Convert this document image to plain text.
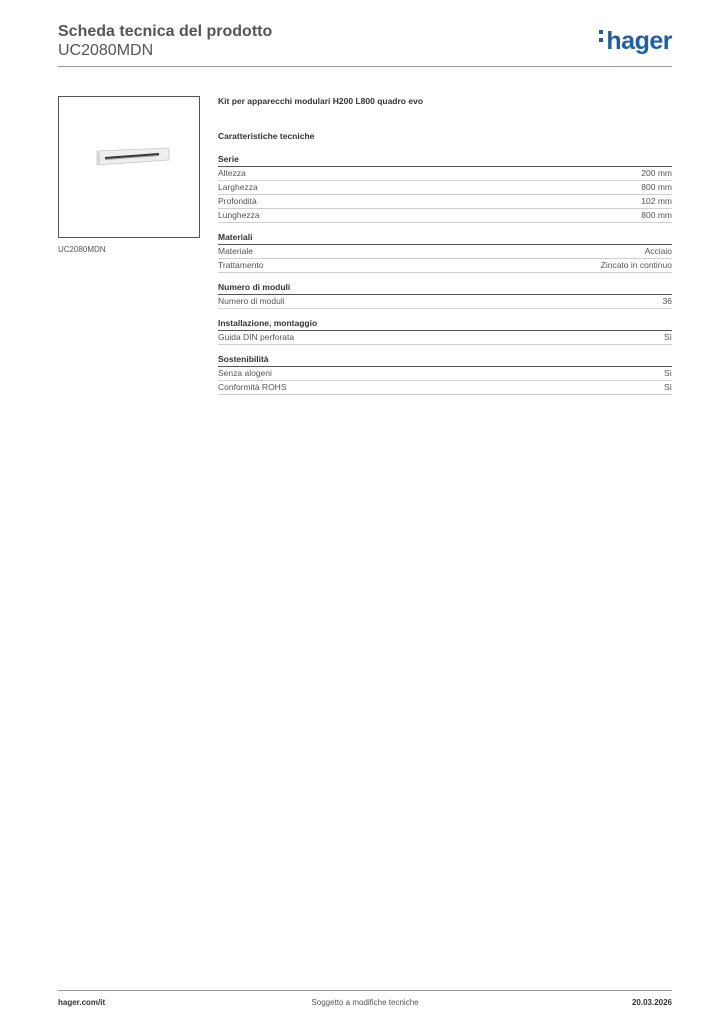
Scheda tecnica del prodotto
UC2080MDN	hager
UC2080MDN
Kit per apparecchi modulari H200 L800 quadro evo
Caratteristiche tecniche
Serie
Altezza	200 mm
Larghezza	800 mm
Profondità	102 mm
Lunghezza	800 mm
Materiali
Materiale	Acciaio
Trattamento	Zincato in continuo
Numero di moduli
Numero di moduli	36
Installazione, montaggio
Guida DIN perforata	Sì
Sostenibilità
Senza alogeni	Sì
Conformità ROHS	Sì
hager.com/it	Soggetto a modifiche tecniche	20.03.2026
